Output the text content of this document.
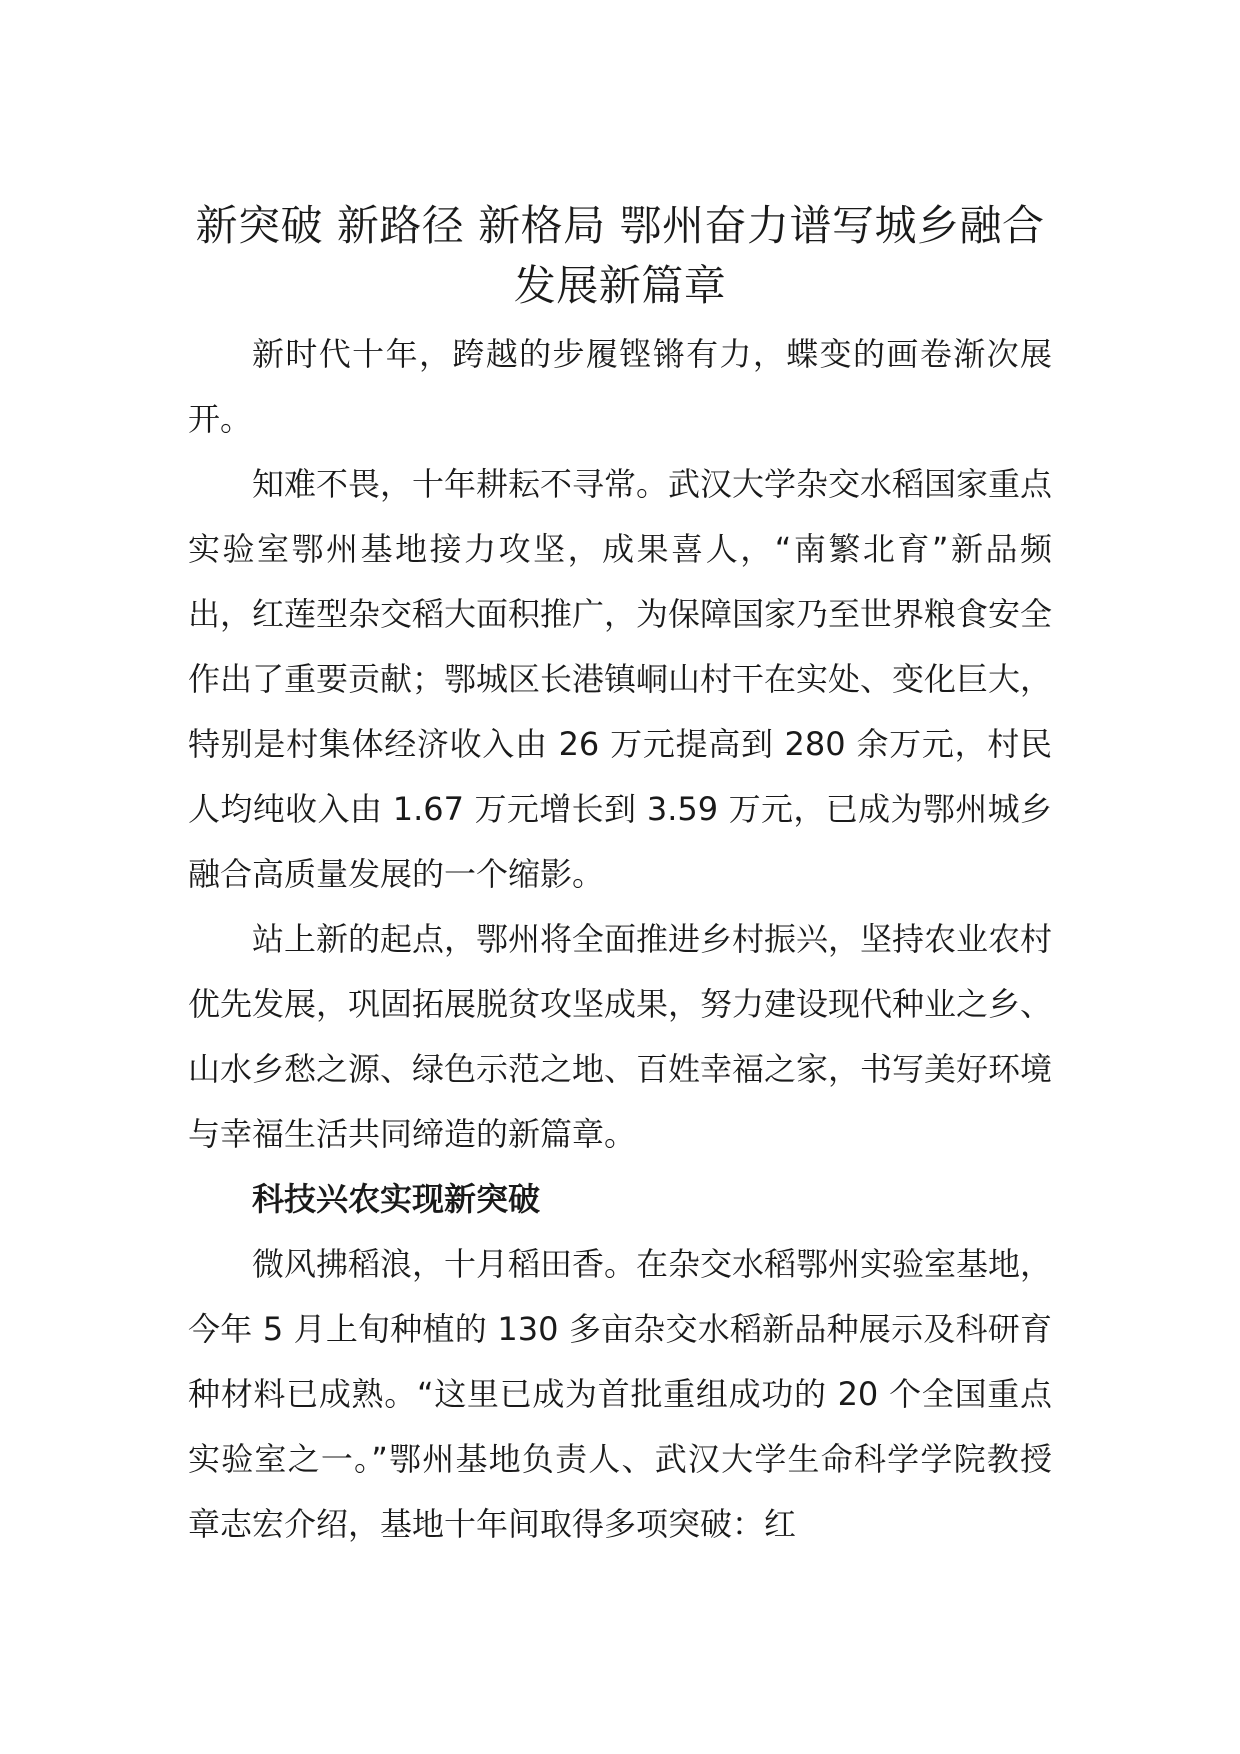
新突破 新路径 新格局 鄂州奋力谱写城乡融合发展新篇章

新时代十年，跨越的步履铿锵有力，蝶变的画卷渐次展开。

知难不畏，十年耕耘不寻常。武汉大学杂交水稻国家重点实验室鄂州基地接力攻坚，成果喜人，“南繁北育”新品频出，红莲型杂交稻大面积推广，为保障国家乃至世界粮食安全作出了重要贡献；鄂城区长港镇峒山村干在实处、变化巨大，特别是村集体经济收入由 26 万元提高到 280 余万元，村民人均纯收入由 1.67 万元增长到 3.59 万元，已成为鄂州城乡融合高质量发展的一个缩影。

站上新的起点，鄂州将全面推进乡村振兴，坚持农业农村优先发展，巩固拓展脱贫攻坚成果，努力建设现代种业之乡、山水乡愁之源、绿色示范之地、百姓幸福之家，书写美好环境与幸福生活共同缔造的新篇章。

科技兴农实现新突破

微风拂稻浪，十月稻田香。在杂交水稻鄂州实验室基地，今年 5 月上旬种植的 130 多亩杂交水稻新品种展示及科研育种材料已成熟。“这里已成为首批重组成功的 20 个全国重点实验室之一。”鄂州基地负责人、武汉大学生命科学学院教授章志宏介绍，基地十年间取得多项突破：红
